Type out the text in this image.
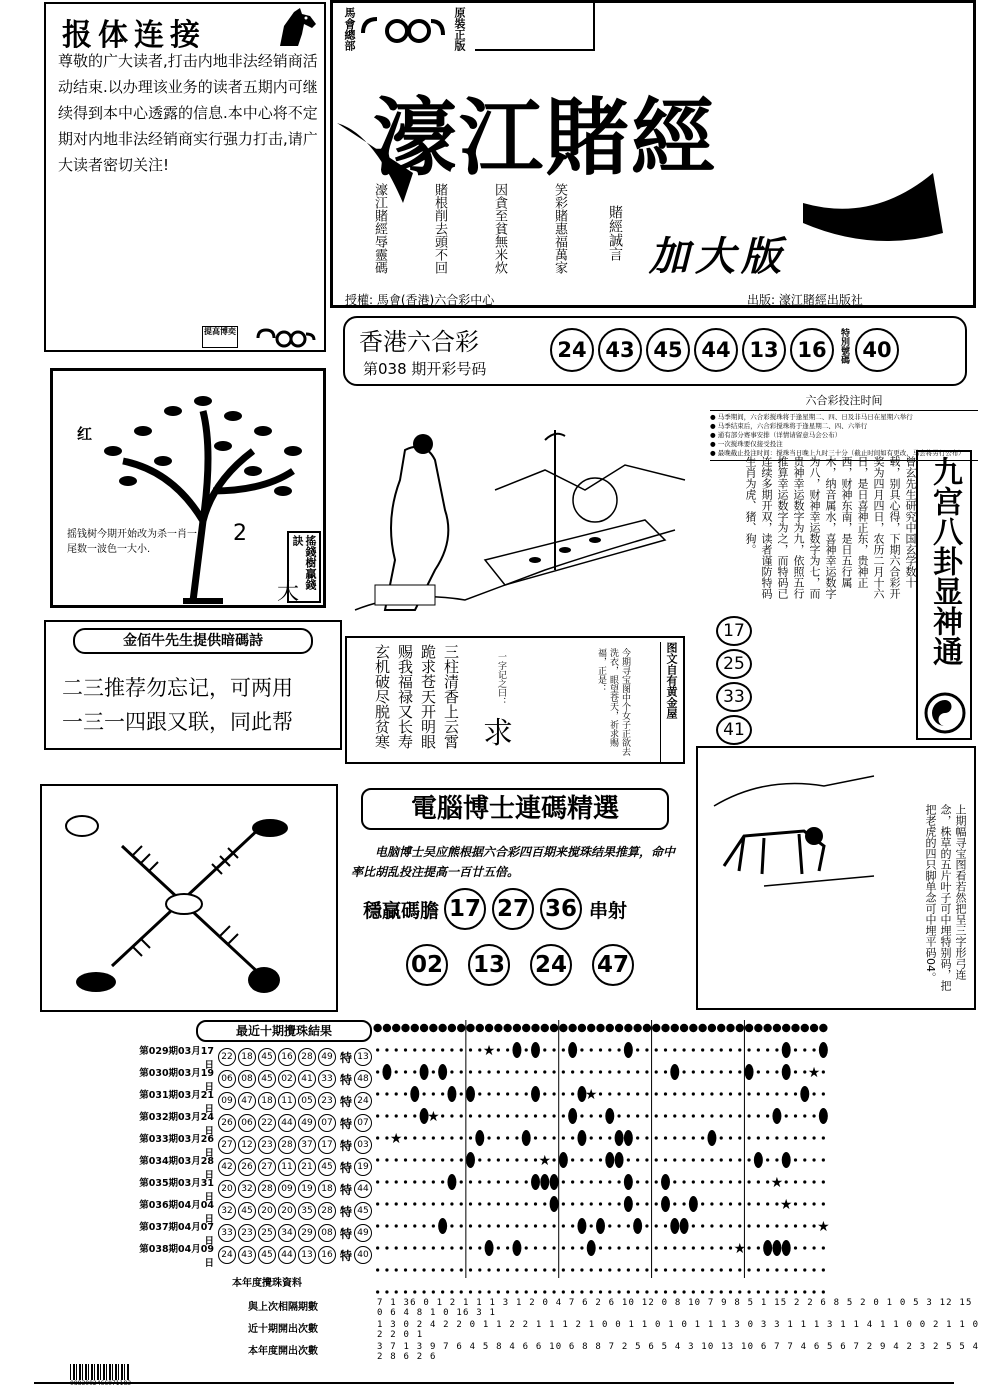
报体连接
尊敬的广大读者,打击内地非法经销商活动结束.以办理该业务的读者五期内可继续得到本中心透露的信息.本中心将不定期对内地非法经销商实行强力打击,请广大读者密切关注!
提高博奕
馬會總部	原裝正版
濠江賭經
濠江賭經辱靈碼	賭根削去頭不回	因貪至貧無米炊	笑彩賭惠福萬家	賭經誠言 加大版
授權: 馬會(香港)六合彩中心	出版: 濠江賭經出版社
香港六合彩
第038 期开彩号码
24 43 45 44 13 16	特別號碼 40
红
2
大
摇钱树今期开始改为杀一肖一尾数一波色一大小.	搖錢樹贏錢訣
六合彩投注时间
● 马季期间，六合彩搅珠将于逢星期二、四、日及非马日在星期六举行
● 马季结束后，六合彩搅珠将于逢星期二、四、六举行
● 通有部分赛事安排（详情请留意马会公布）
● 一次搅珠要仅接受投注
● 最晚截止投注时间：搅珠当日晚上九时三十分（截止时间如有更改，马会将另行公布）
曾玄先生研究中国玄学数十载，别具心得，下期六合彩开奖为四月四日，农历二月十六日，是日喜神正东，贵神正西，财神东南，是日五行属木，纳音属水，喜神幸运数字为八，财神幸运数字为七，而贵神幸运数字为九，依照五行推算幸运数字为之，而特码已连续多期开双，读者谨防特码生肖为虎、猪、狗。
17
25
33
41
九宫八卦显神通
金佰牛先生提供暗碼詩
二三推荐勿忘记，可两用
一三一四跟又联，同此帮	三柱清香上云霄
跪求苍天开明眼
赐我福禄又长寿
玄机破尽脱贫寒	一字记之曰：
求	今期寻宝图中个女子正欲去洗衣，眼望苍天，祈求赐福，正是：	图文自有黄金屋
電腦博士連碼精選
电脑博士吴应熊根据六合彩四百期来搅珠结果推算，命中率比胡乱投注提高一百廿五倍。
穩贏碼膽 17 27 36 串射
02 13 24 47	上期幅寻宝图看若然把呈三字形弓连念，株草的五片叶子可中埋特别码，把把老虎的四只脚单念可中埋平码04。
最近十期攪珠結果
第029期03月17日
22 18 45 16 28 49 特 13
第030期03月19日
06 08 45 02 41 33 特 48
第031期03月21日
09 47 18 11 05 23 特 24
第032期03月24日
26 06 22 44 49 07 特 07
第033期03月26日
27 12 23 28 37 17 特 03
第034期03月28日
42 26 27 11 21 45 特 19
第035期03月31日
20 32 28 09 19 18 特 44
第036期04月04日
32 45 20 20 35 28 特 45
第037期04月07日
33 23 25 34 29 08 特 49
第038期04月09日
24 43 45 44 13 16 特 40
★
★
★
★
★
★
★
★
★
★
本年度攪珠資料
與上次相隔期數	7 1 36 0 1 2 1 1 1 3 1 2 0 4 7 6 2 6 10 12 0 8 10 7 9 8 5 1 15 2 2 6 8 5 2 0 1 0 5 3 12 15 0 6 4 8 1 0 16 3 1
近十期開出次數	1 3 0 2 4 2 2 0 1 1 2 2 1 1 1 2 1 0 0 1 1 0 1 0 1 1 1 3 0 3 3 1 1 1 3 1 1 4 1 1 0 0 2 1 1 0 2 2 0 1
本年度開出次數	3 7 1 3 9 7 6 4 5 8 4 6 6 10 6 8 8 7 2 5 6 5 4 3 10 13 10 6 7 7 4 6 5 6 7 2 9 4 2 3 2 5 5 4 2 8 6 2 6
0883002466071183
